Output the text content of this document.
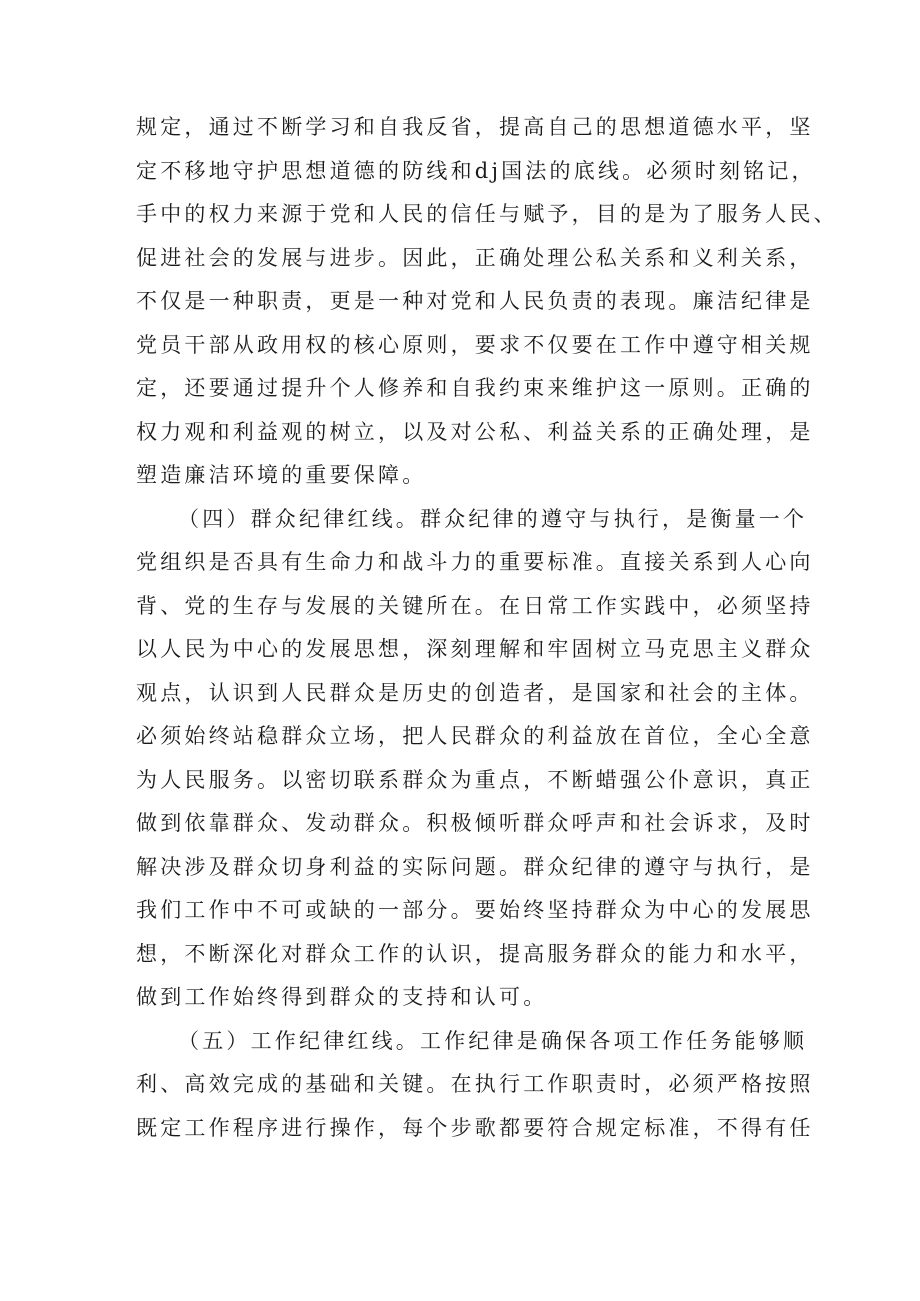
规定，通过不断学习和自我反省，提高自己的思想道德水平，坚
定不移地守护思想道德的防线和dj国法的底线。必须时刻铭记，
手中的权力来源于党和人民的信任与赋予，目的是为了服务人民、
促进社会的发展与进步。因此，正确处理公私关系和义利关系，
不仅是一种职责，更是一种对党和人民负责的表现。廉洁纪律是
党员干部从政用权的核心原则，要求不仅要在工作中遵守相关规
定，还要通过提升个人修养和自我约束来维护这一原则。正确的
权力观和利益观的树立，以及对公私、利益关系的正确处理，是
塑造廉洁环境的重要保障。
（四）群众纪律红线。群众纪律的遵守与执行，是衡量一个
党组织是否具有生命力和战斗力的重要标准。直接关系到人心向
背、党的生存与发展的关键所在。在日常工作实践中，必须坚持
以人民为中心的发展思想，深刻理解和牢固树立马克思主义群众
观点，认识到人民群众是历史的创造者，是国家和社会的主体。
必须始终站稳群众立场，把人民群众的利益放在首位，全心全意
为人民服务。以密切联系群众为重点，不断蜡强公仆意识，真正
做到依靠群众、发动群众。积极倾听群众呼声和社会诉求，及时
解决涉及群众切身利益的实际问题。群众纪律的遵守与执行，是
我们工作中不可或缺的一部分。要始终坚持群众为中心的发展思
想，不断深化对群众工作的认识，提高服务群众的能力和水平，
做到工作始终得到群众的支持和认可。
（五）工作纪律红线。工作纪律是确保各项工作任务能够顺
利、高效完成的基础和关键。在执行工作职责时，必须严格按照
既定工作程序进行操作，每个步歌都要符合规定标准，不得有任
